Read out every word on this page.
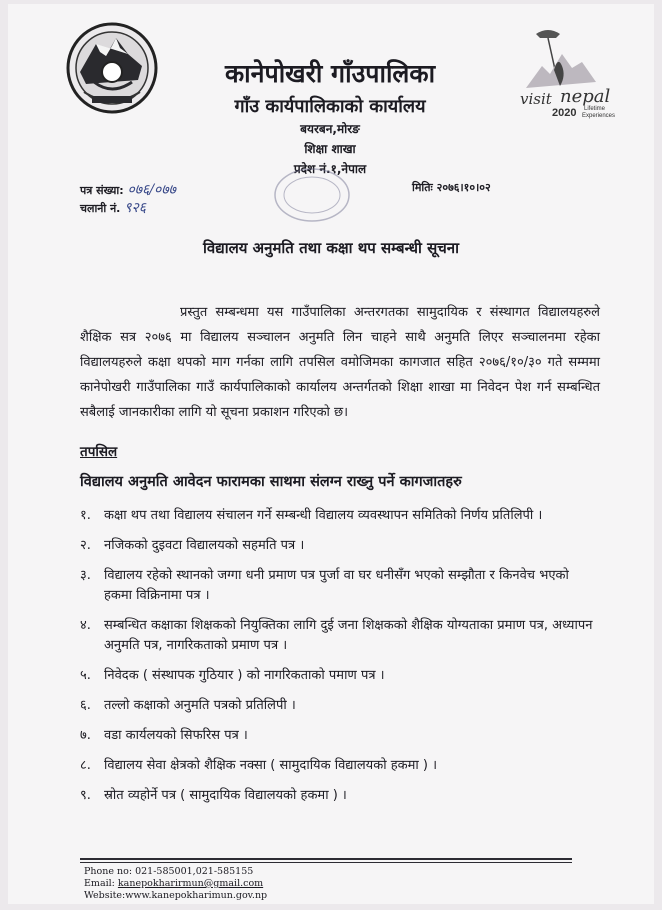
visit nepal
2020 Lifetime
Experiences
कानेपोखरी गाँउपालिका
गाँउ कार्यपालिकाको कार्यालय
बयरबन,मोरङ
शिक्षा शाखा
प्रदेश नं.१,नेपाल
पत्र संख्या: ०७६/०७७
चलानी नं. ९२६
मितिः २०७६।१०।०२
विद्यालय अनुमति तथा कक्षा थप सम्बन्धी सूचना
प्रस्तुत सम्बन्धमा यस गाउँपालिका अन्तरगतका सामुदायिक र संस्थागत विद्यालयहरुले शैक्षिक सत्र २०७६ मा विद्यालय सञ्चालन अनुमति लिन चाहने साथै अनुमति लिएर सञ्चालनमा रहेका विद्यालयहरुले कक्षा थपको माग गर्नका लागि तपसिल वमोजिमका कागजात सहित २०७६/१०/३० गते सम्ममा कानेपोखरी गाउँपालिका गाउँ कार्यपालिकाको कार्यालय अन्तर्गतको शिक्षा शाखा मा निवेदन पेश गर्न सम्बन्धित सबैलाई जानकारीका लागि यो सूचना प्रकाशन गरिएको छ।
तपसिल
विद्यालय अनुमति आवेदन फारामका साथमा संलग्न राख्नु पर्ने कागजातहरु
१. कक्षा थप तथा विद्यालय संचालन गर्ने सम्बन्धी विद्यालय व्यवस्थापन समितिको निर्णय प्रतिलिपी ।
२. नजिकको दुइवटा विद्यालयको सहमति पत्र ।
३. विद्यालय रहेको स्थानको जग्गा धनी प्रमाण पत्र पुर्जा वा घर धनीसँग भएको सम्झौता र किनवेच भएको हकमा विक्रिनामा पत्र ।
४. सम्बन्धित कक्षाका शिक्षकको नियुक्तिका लागि दुई जना शिक्षकको शैक्षिक योग्यताका प्रमाण पत्र, अध्यापन अनुमति पत्र, नागरिकताको प्रमाण पत्र ।
५. निवेदक ( संस्थापक गुठियार ) को नागरिकताको पमाण पत्र ।
६. तल्लो कक्षाको अनुमति पत्रको प्रतिलिपी ।
७. वडा कार्यलयको सिफरिस पत्र ।
८. विद्यालय सेवा क्षेत्रको शैक्षिक नक्सा ( सामुदायिक विद्यालयको हकमा ) ।
९. स्रोत व्यहोर्ने पत्र ( सामुदायिक विद्यालयको हकमा ) ।
Phone no: 021-585001,021-585155
Email: kanepokharirmun@gmail.com
Website:www.kanepokharimun.gov.np
